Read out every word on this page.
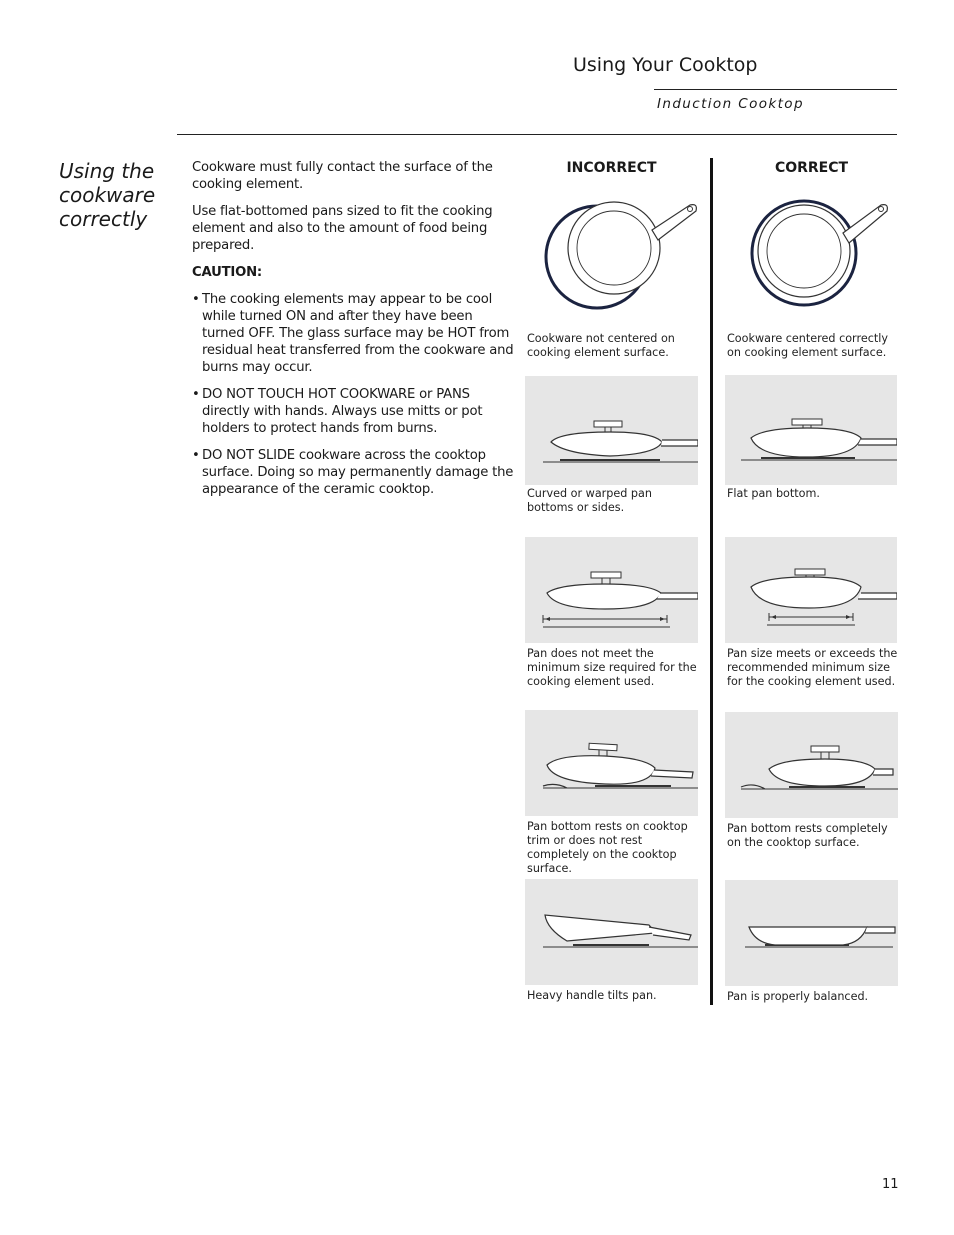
Using Your Cooktop
Induction Cooktop
Using the cookware correctly

Cookware must fully contact the surface of the cooking element.

Use flat-bottomed pans sized to fit the cooking element and also to the amount of food being prepared.

CAUTION:

• The cooking elements may appear to be cool while turned ON and after they have been turned OFF. The glass surface may be HOT from residual heat transferred from the cookware and burns may occur.

• DO NOT TOUCH HOT COOKWARE or PANS directly with hands. Always use mitts or pot holders to protect hands from burns.

• DO NOT SLIDE cookware across the cooktop surface. Doing so may permanently damage the appearance of the ceramic cooktop.

INCORRECT	CORRECT
Cookware not centered on cooking element surface.
Cookware centered correctly on cooking element surface.
Curved or warped pan bottoms or sides.
Flat pan bottom.
Pan does not meet the minimum size required for the cooking element used.
Pan size meets or exceeds the recommended minimum size for the cooking element used.
Pan bottom rests on cooktop trim or does not rest completely on the cooktop surface.
Pan bottom rests completely on the cooktop surface.
Heavy handle tilts pan.	Pan is properly balanced.
11
